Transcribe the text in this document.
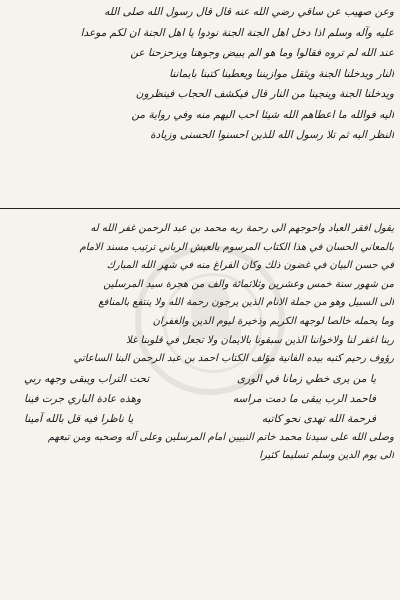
وعن صهيب عن ساقي رضي الله عنه قال قال رسول الله صلى الله
عليه وآله وسلم اذا دخل اهل الجنة الجنة نودوا يا اهل الجنة ان لكم موعدا
عند الله لم تروه فقالوا وما هو الم يبيض وجوهنا ويزحزحنا عن
النار ويدخلنا الجنة ويثقل موازيننا ويعطينا كتبنا بايماننا
ويدخلنا الجنة وينجينا من النار قال فيكشف الحجاب فينظرون
اليه فوالله ما اعطاهم الله شيئا احب اليهم منه وفي رواية من
النظر اليه ثم تلا رسول الله للذين احسنوا الحسنى وزيادة
يقول افقر العباد واحوجهم الى رحمة ربه محمد بن عبد الرحمن غفر الله له
بالمعاني الحسان في هذا الكتاب المرسوم بالعيش الرباني ترتيب مسند الامام
في حسن البيان في غضون ذلك وكان الفراغ منه في شهر الله المبارك
من شهور سنة خمس وعشرين وثلاثمائة والف من هجرة سيد المرسلين
الى السبيل وهو من جملة الانام الذين يرجون رحمة الله ولا ينتفع بالمنافع
وما يحمله خالصا لوجهه الكريم وذخيرة ليوم الدين والغفران
ربنا اغفر لنا ولاخواننا الذين سبقونا بالايمان ولا تجعل في قلوبنا غلا
رؤوف رحيم كتبه بيده الفانية مؤلف الكتاب احمد بن عبد الرحمن البنا الساعاتي
يا من يرى خطي زمانا في الورى
تحت التراب ويبقى وجهه ربي
فاحمد الرب يبقى ما دمت مراسه
وهذه عادة الباري جرت فينا
فرحمة الله تهدى نحو كاتبه
يا ناظرا فيه قل بالله آمينا
وصلى الله على سيدنا محمد خاتم النبيين امام المرسلين وعلى آله وصحبه ومن تبعهم
الى يوم الدين وسلم تسليما كثيرا
